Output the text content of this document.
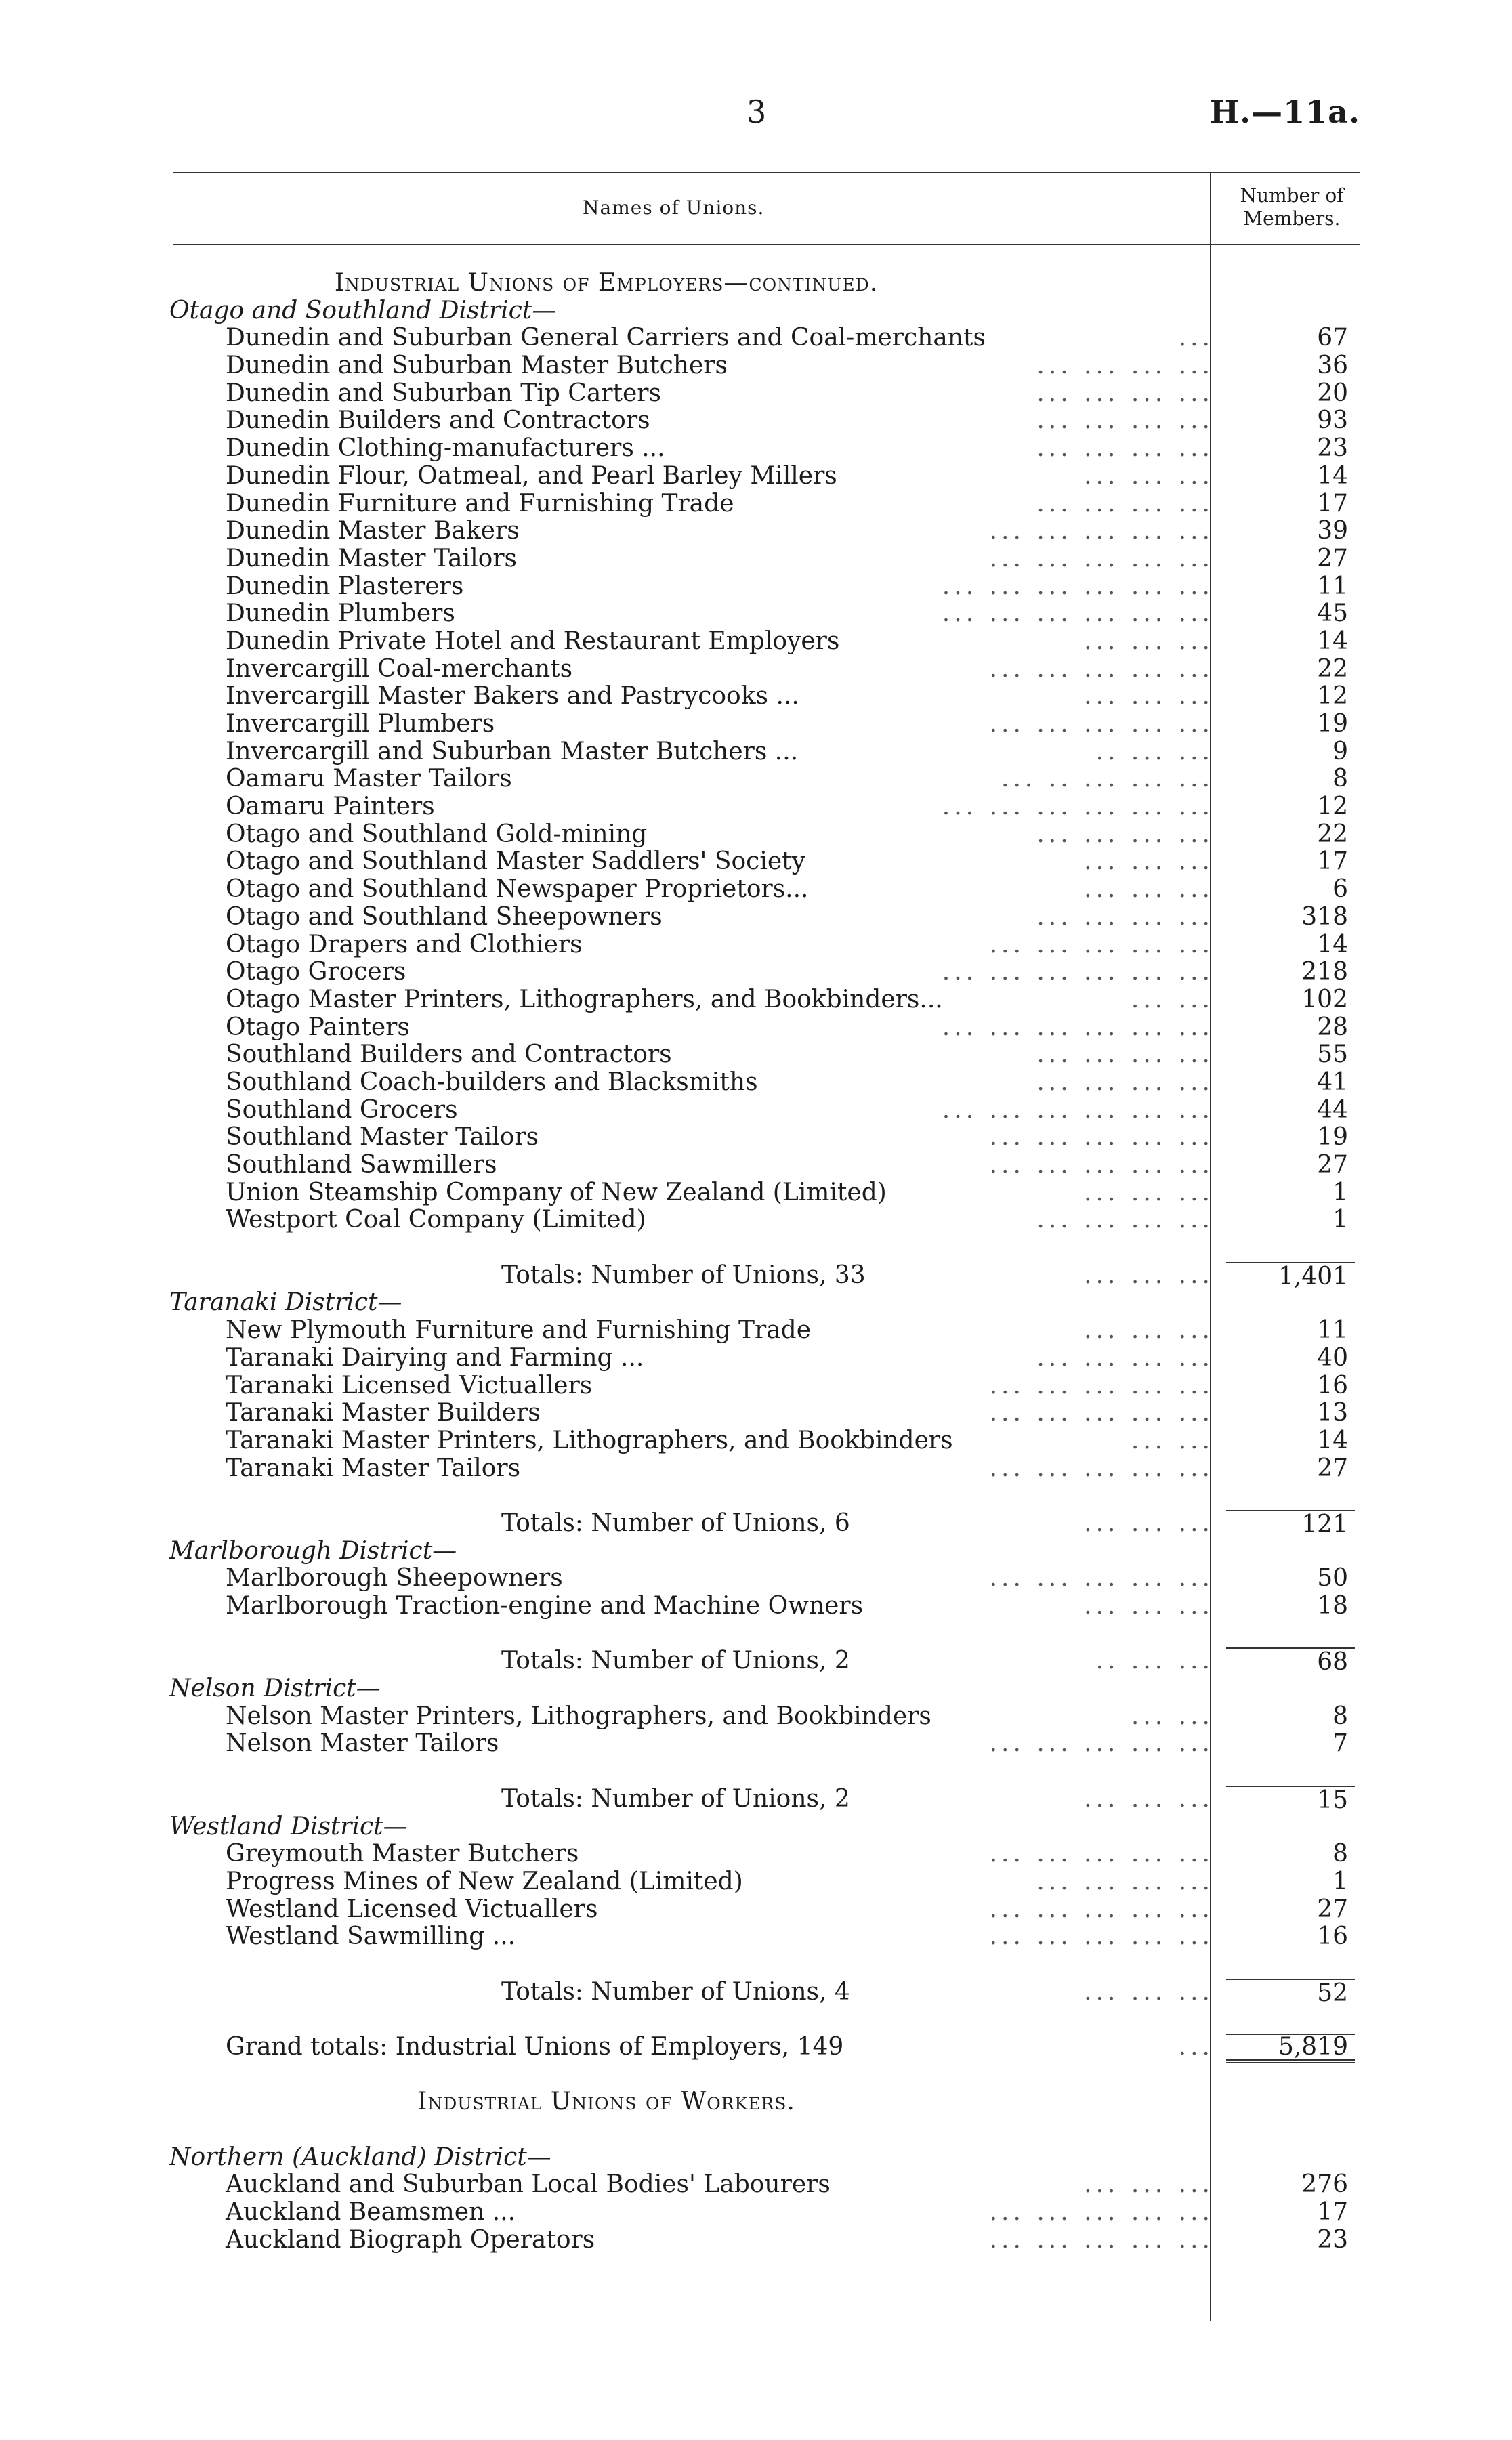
3	H.—11a.
Names of Unions.
Number of Members.
Industrial Unions of Employers—continued.
Otago and Southland District—
Dunedin and Suburban General Carriers and Coal-merchants	...	67
Dunedin and Suburban Master Butchers	... ... ... ...	36
Dunedin and Suburban Tip Carters	... ... ... ...	20
Dunedin Builders and Contractors	... ... ... ...	93
Dunedin Clothing-manufacturers ...	... ... ... ...	23
Dunedin Flour, Oatmeal, and Pearl Barley Millers	... ... ...	14
Dunedin Furniture and Furnishing Trade	... ... ... ...	17
Dunedin Master Bakers	... ... ... ... ...	39
Dunedin Master Tailors	... ... ... ... ...	27
Dunedin Plasterers	... ... ... ... ... ...	11
Dunedin Plumbers	... ... ... ... ... ...	45
Dunedin Private Hotel and Restaurant Employers	... ... ...	14
Invercargill Coal-merchants	... ... ... ... ...	22
Invercargill Master Bakers and Pastrycooks ...	... ... ...	12
Invercargill Plumbers	... ... ... ... ...	19
Invercargill and Suburban Master Butchers ...	.. ... ...	9
Oamaru Master Tailors	... .. ... ... ...	8
Oamaru Painters	... ... ... ... ... ...	12
Otago and Southland Gold-mining	... ... ... ...	22
Otago and Southland Master Saddlers' Society	... ... ...	17
Otago and Southland Newspaper Proprietors...	... ... ...	6
Otago and Southland Sheepowners	... ... ... ...	318
Otago Drapers and Clothiers	... ... ... ... ...	14
Otago Grocers	... ... ... ... ... ...	218
Otago Master Printers, Lithographers, and Bookbinders...	... ...	102
Otago Painters	... ... ... ... ... ...	28
Southland Builders and Contractors	... ... ... ...	55
Southland Coach-builders and Blacksmiths	... ... ... ...	41
Southland Grocers	... ... ... ... ... ...	44
Southland Master Tailors	... ... ... ... ...	19
Southland Sawmillers	... ... ... ... ...	27
Union Steamship Company of New Zealand (Limited)	... ... ...	1
Westport Coal Company (Limited)	... ... ... ...	1
Totals: Number of Unions, 33	... ... ...	1,401
Taranaki District—
New Plymouth Furniture and Furnishing Trade	... ... ...	11
Taranaki Dairying and Farming ...	... ... ... ...	40
Taranaki Licensed Victuallers	... ... ... ... ...	16
Taranaki Master Builders	... ... ... ... ...	13
Taranaki Master Printers, Lithographers, and Bookbinders	... ...	14
Taranaki Master Tailors	... ... ... ... ...	27
Totals: Number of Unions, 6	... ... ...	121
Marlborough District—
Marlborough Sheepowners	... ... ... ... ...	50
Marlborough Traction-engine and Machine Owners	... ... ...	18
Totals: Number of Unions, 2	.. ... ...	68
Nelson District—
Nelson Master Printers, Lithographers, and Bookbinders	... ...	8
Nelson Master Tailors	... ... ... ... ...	7
Totals: Number of Unions, 2	... ... ...	15
Westland District—
Greymouth Master Butchers	... ... ... ... ...	8
Progress Mines of New Zealand (Limited)	... ... ... ...	1
Westland Licensed Victuallers	... ... ... ... ...	27
Westland Sawmilling ...	... ... ... ... ...	16
Totals: Number of Unions, 4	... ... ...	52
Grand totals: Industrial Unions of Employers, 149	...	5,819
Industrial Unions of Workers.
Northern (Auckland) District—
Auckland and Suburban Local Bodies' Labourers	... ... ...	276
Auckland Beamsmen ...	... ... ... ... ...	17
Auckland Biograph Operators	... ... ... ... ...	23
